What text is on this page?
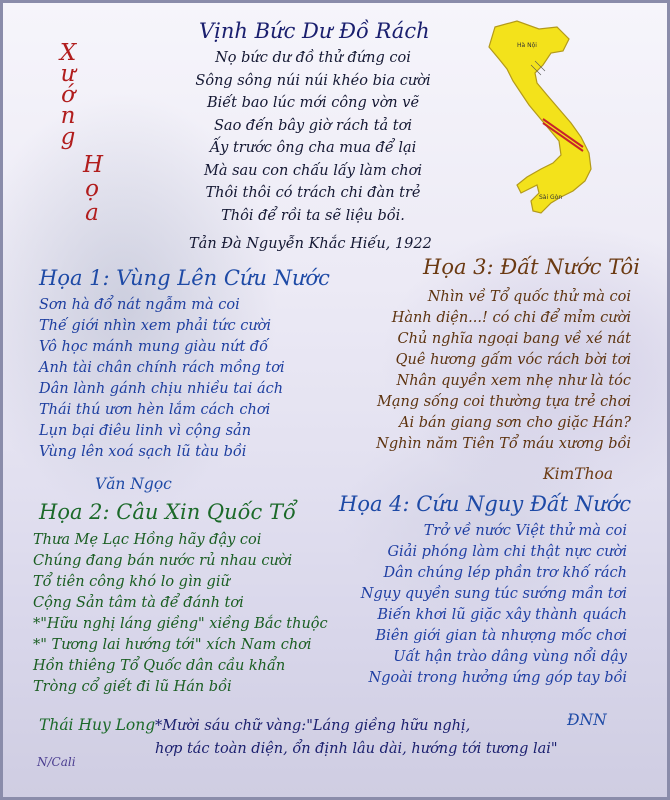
Vịnh Bức Dư Đồ Rách
X
ư
ớ
n
g
H
ọ
a
Nọ bức dư đồ thử đứng coi
Sông sông núi núi khéo bia cười
Biết bao lúc mới công vờn vẽ
Sao đến bây giờ rách tả tơi
Ấy trước ông cha mua để lại
Mà sau con chấu lấy làm chơi
Thôi thôi có trách chi đàn trẻ
Thôi để rồi ta sẽ liệu bồi.
Tản Đà Nguyễn Khắc Hiếu, 1922
Hà Nội
Sài Gòn
Họa 1: Vùng Lên Cứu Nước
Sơn hà đổ nát ngẫm mà coi
Thế giới nhìn xem phải tức cười
Vô học mánh mung giàu nứt đố
Anh tài chân chính rách mồng tơi
Dân lành gánh chịu nhiều tai ách
Thái thú ươn hèn lắm cách chơi
Lụn bại điêu linh vì cộng sản
Vùng lên xoá sạch lũ tàu bồi
Văn Ngọc
Họa 3: Đất Nước Tôi
Nhìn về Tổ quốc thử mà coi
Hành diện...! có chi để mỉm cười
Chủ nghĩa ngoại bang về xé nát
Quê hương gấm vóc rách bời tơi
Nhân quyền xem nhẹ như là tóc
Mạng sống coi thường tựa trẻ chơi
Ai bán giang sơn cho giặc Hán?
Nghìn năm Tiên Tổ máu xương bồi
KimThoa
Họa 2: Câu Xin Quốc Tổ
Thưa Mẹ Lạc Hồng hãy đậy coi
Chúng đang bán nước rủ nhau cười
Tổ tiên công khó lo gìn giữ
Cộng Sản tâm tà để đánh tơi
*"Hữu nghị láng giềng" xiềng Bắc thuộc
*" Tương lai hướng tới" xích Nam chơi
Hồn thiêng Tổ Quốc dân cầu khẩn
Tròng cổ giết đi lũ Hán bồi
Họa 4: Cứu Nguy Đất Nước
Trở về nước Việt thử mà coi
Giải phóng làm chi thật nực cười
Dân chúng lép phần trơ khố rách
Ngụy quyền sung túc sướng mần tơi
Biến khơi lũ giặc xây thành quách
Biên giới gian tà nhượng mốc chơi
Uất hận trào dâng vùng nổi dậy
Ngoài trong hưởng ứng góp tay bồi
Thái Huy Long *Mười sáu chữ vàng:"Láng giềng hữu nghị,
hợp tác toàn diện, ổn định lâu dài, hướng tới tương lai"
ĐNN
N/Cali
